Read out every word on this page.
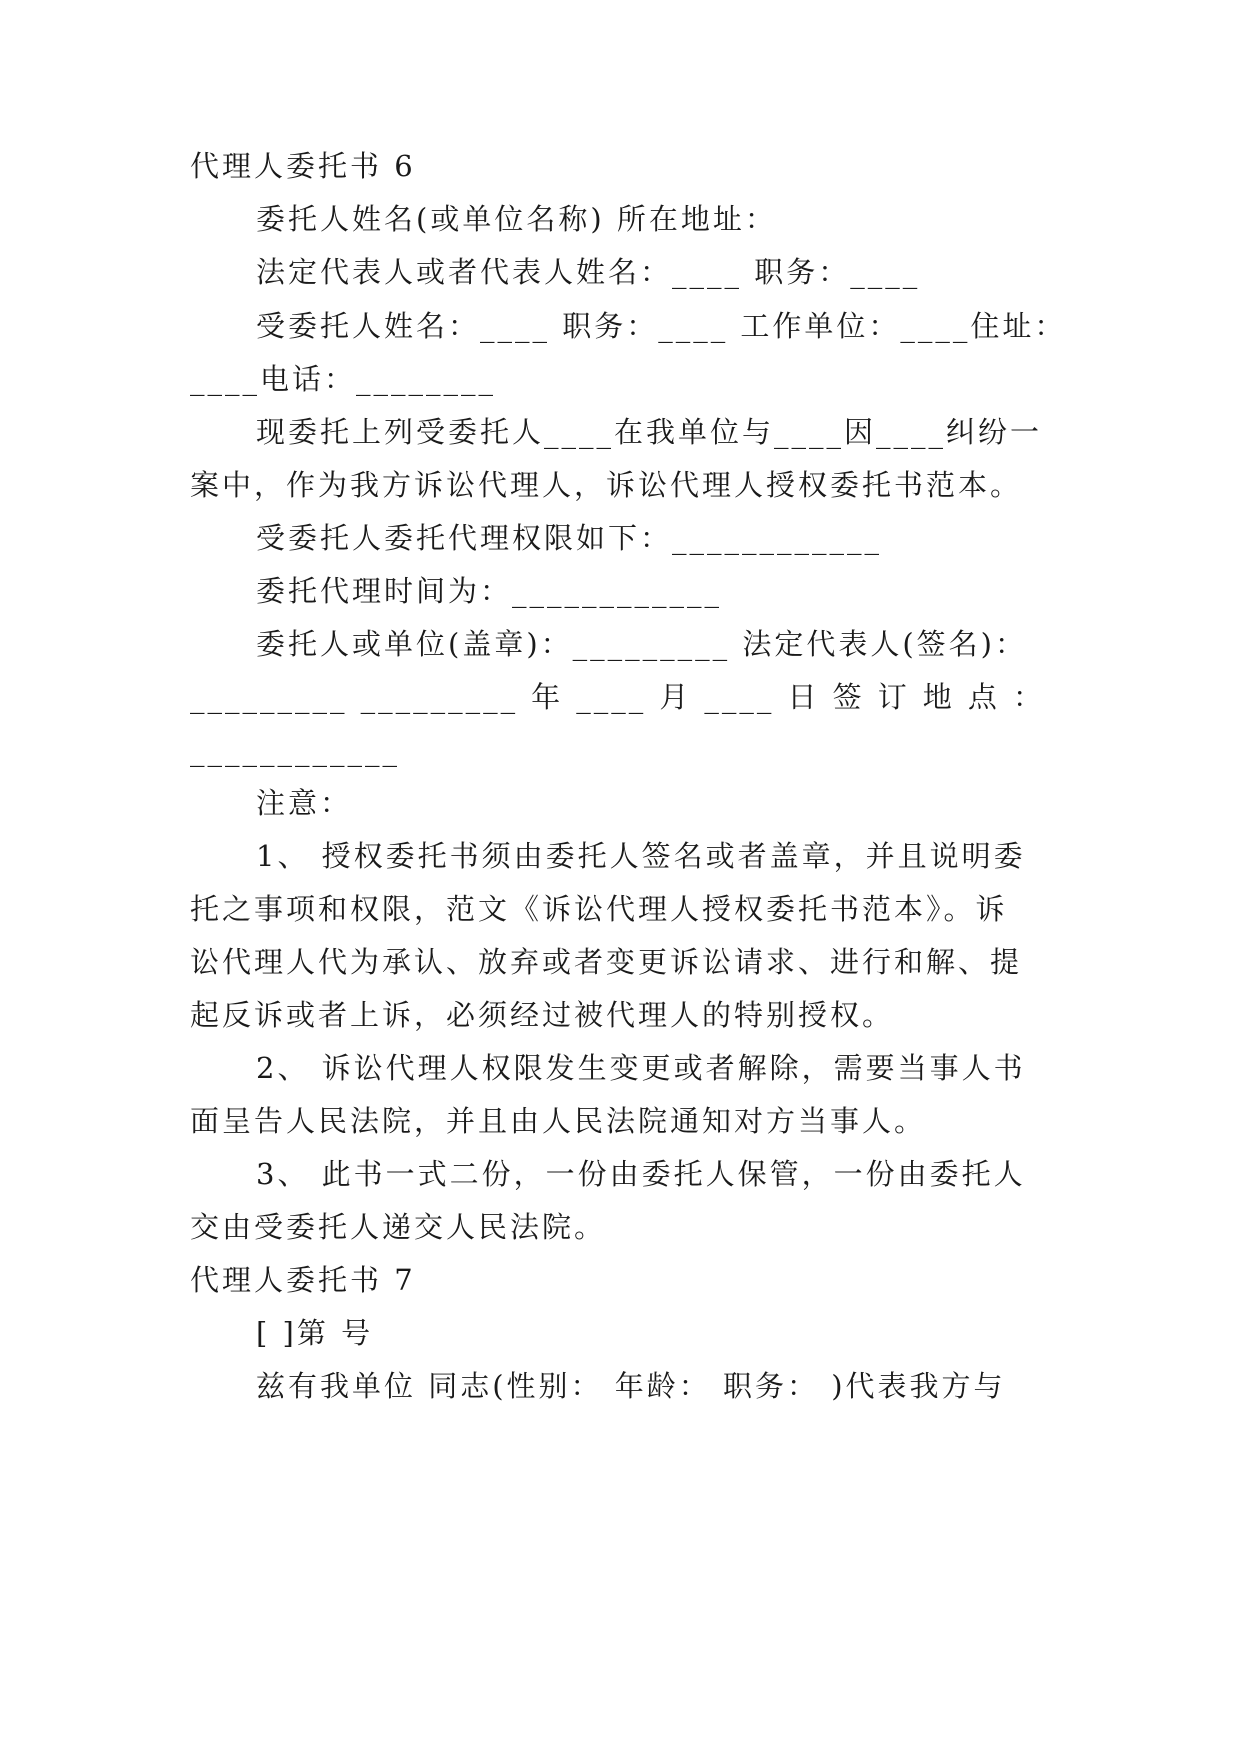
代理人委托书 6
委托人姓名(或单位名称) 所在地址：
法定代表人或者代表人姓名：____ 职务：____
受委托人姓名：____ 职务：____ 工作单位：____住址：
____电话：________
现委托上列受委托人____在我单位与____因____纠纷一
案中，作为我方诉讼代理人，诉讼代理人授权委托书范本。
受委托人委托代理权限如下：____________
委托代理时间为：____________
委托人或单位(盖章)：_________ 法定代表人(签名)：
_________ _________ 年 ____ 月 ____ 日 签 订 地 点 ：
____________
注意：
1、 授权委托书须由委托人签名或者盖章，并且说明委
托之事项和权限，范文《诉讼代理人授权委托书范本》。诉
讼代理人代为承认、放弃或者变更诉讼请求、进行和解、提
起反诉或者上诉，必须经过被代理人的特别授权。
2、 诉讼代理人权限发生变更或者解除，需要当事人书
面呈告人民法院，并且由人民法院通知对方当事人。
3、 此书一式二份，一份由委托人保管，一份由委托人
交由受委托人递交人民法院。
代理人委托书 7
[ ]第 号
兹有我单位 同志(性别： 年龄： 职务： )代表我方与
